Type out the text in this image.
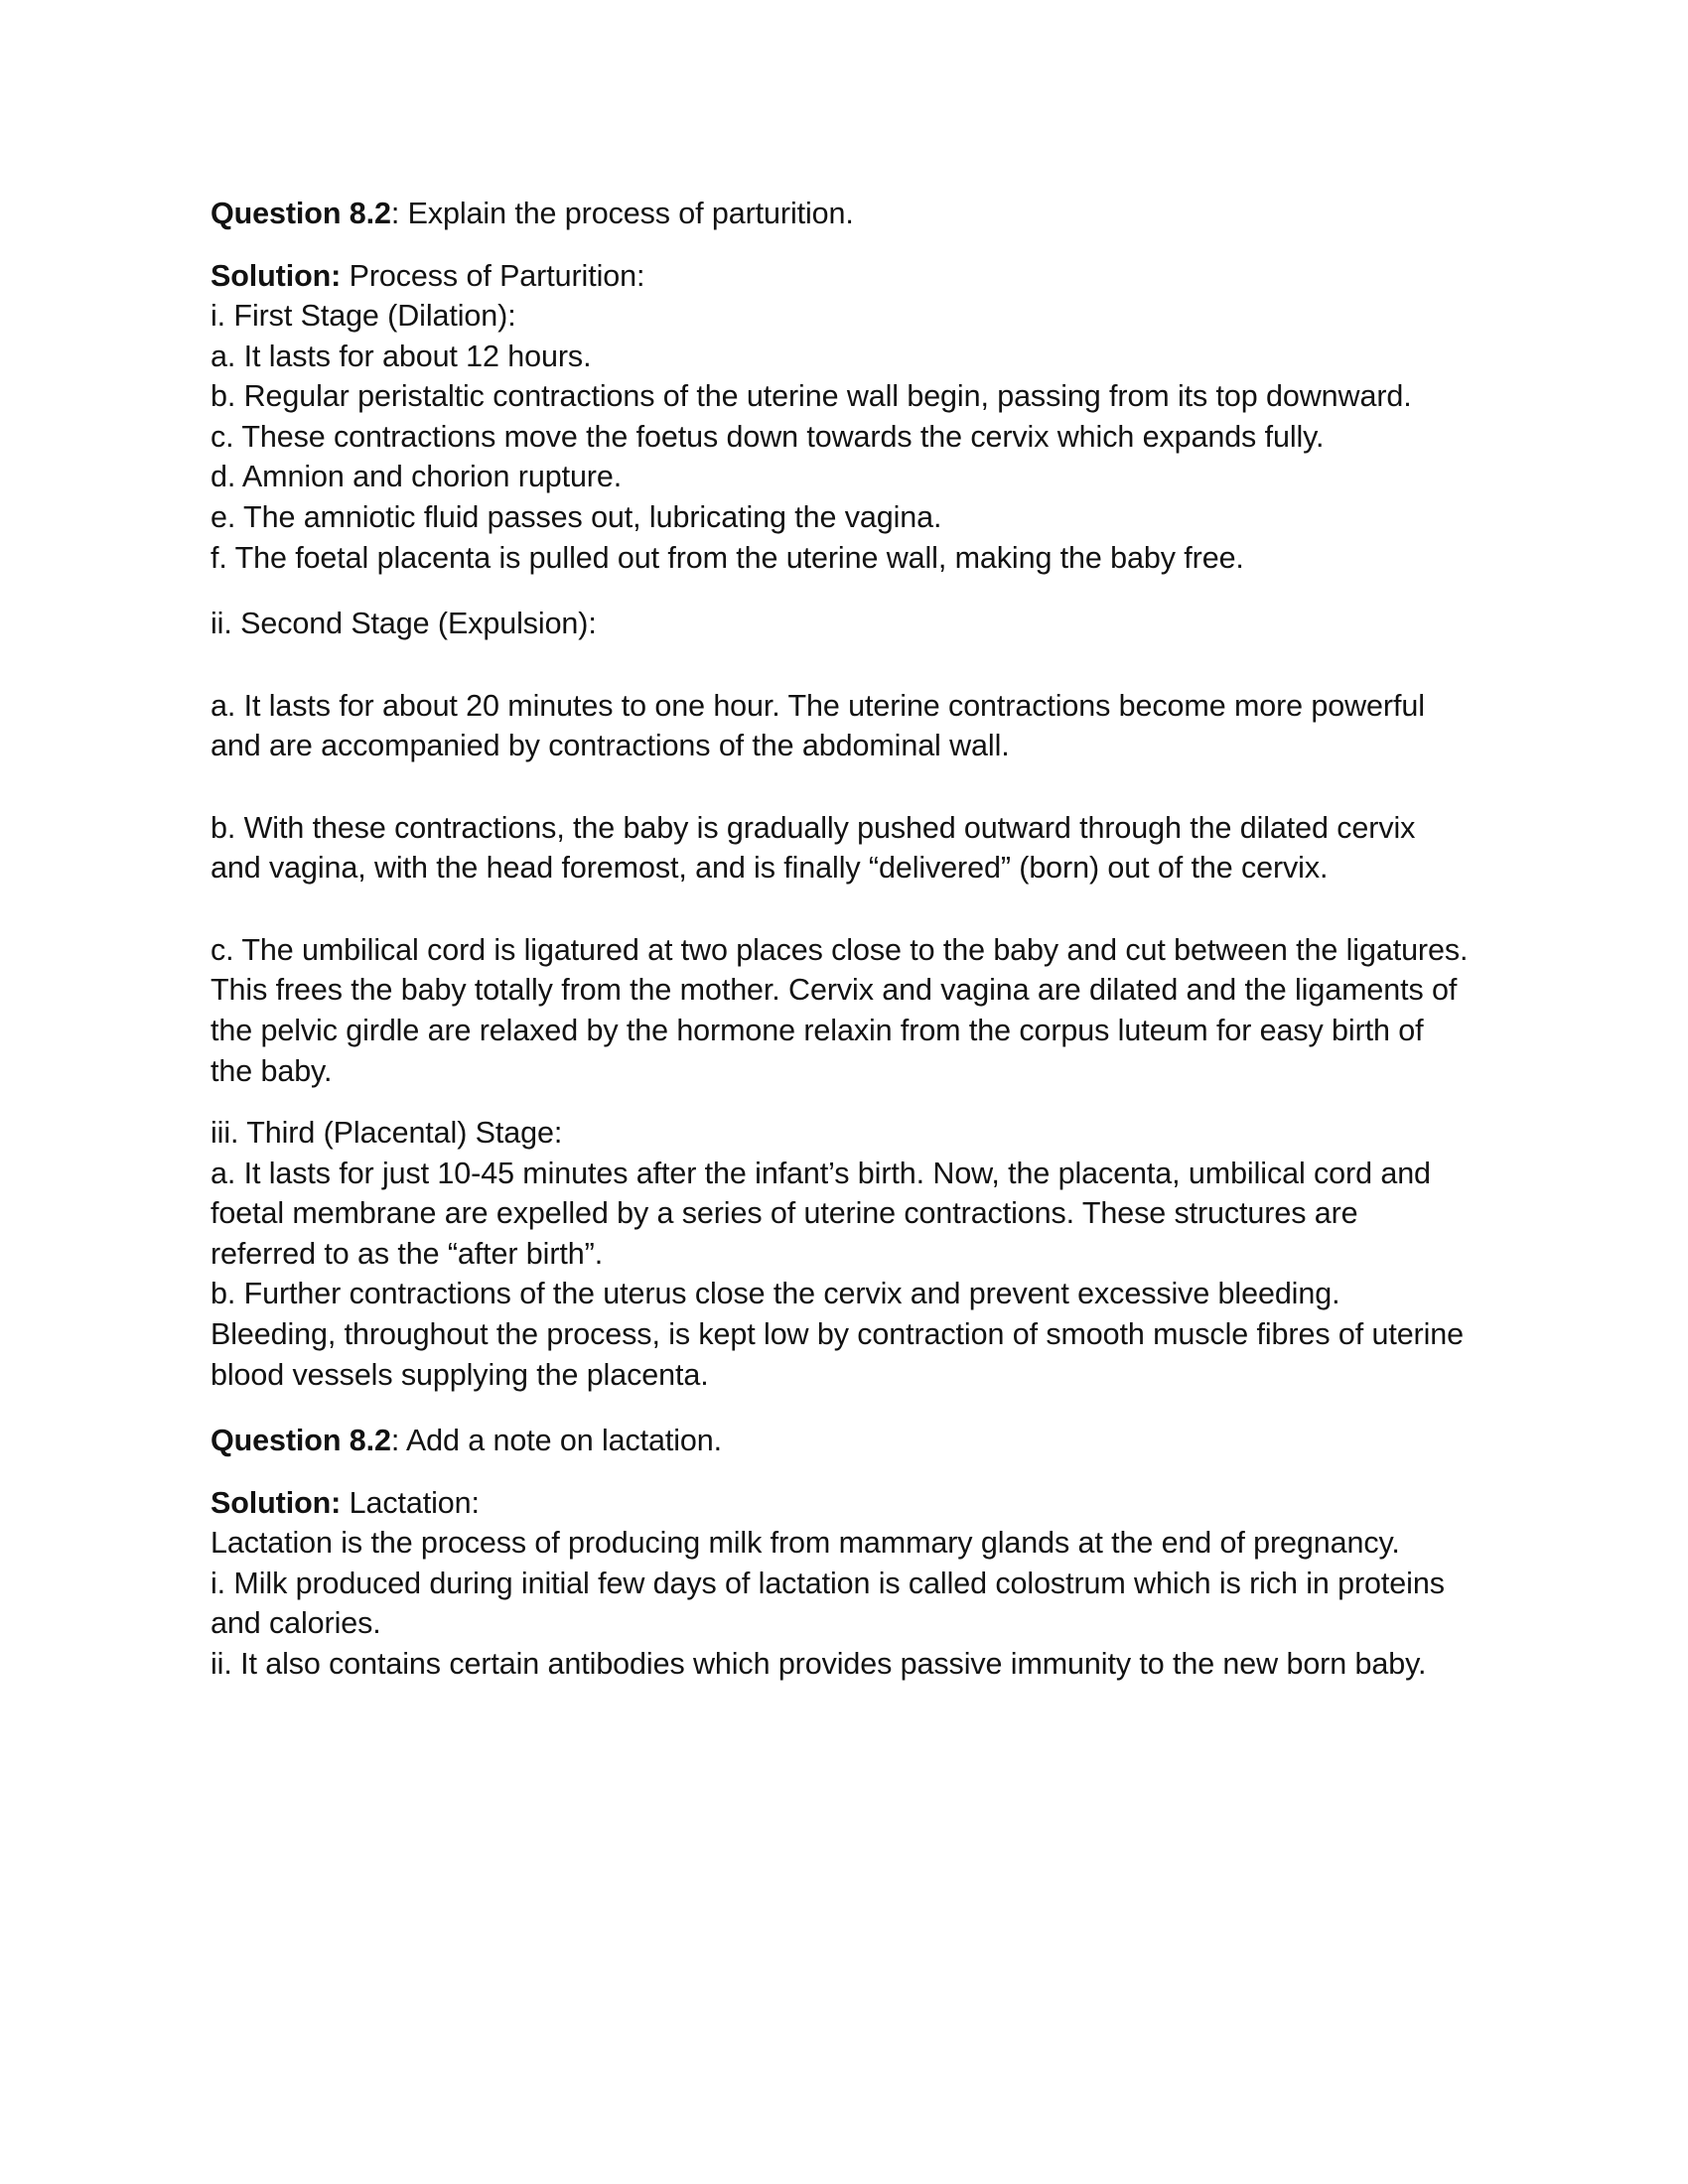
Question 8.2: Explain the process of parturition.
Solution: Process of Parturition:
i. First Stage (Dilation):
a. It lasts for about 12 hours.
b. Regular peristaltic contractions of the uterine wall begin, passing from its top downward.
c. These contractions move the foetus down towards the cervix which expands fully.
d. Amnion and chorion rupture.
e. The amniotic fluid passes out, lubricating the vagina.
f. The foetal placenta is pulled out from the uterine wall, making the baby free.
ii. Second Stage (Expulsion):
a. It lasts for about 20 minutes to one hour. The uterine contractions become more powerful and are accompanied by contractions of the abdominal wall.
b. With these contractions, the baby is gradually pushed outward through the dilated cervix and vagina, with the head foremost, and is finally “delivered” (born) out of the cervix.
c. The umbilical cord is ligatured at two places close to the baby and cut between the ligatures. This frees the baby totally from the mother. Cervix and vagina are dilated and the ligaments of the pelvic girdle are relaxed by the hormone relaxin from the corpus luteum for easy birth of the baby.
iii. Third (Placental) Stage:
a. It lasts for just 10-45 minutes after the infant’s birth. Now, the placenta, umbilical cord and foetal membrane are expelled by a series of uterine contractions. These structures are referred to as the “after birth”.
b. Further contractions of the uterus close the cervix and prevent excessive bleeding. Bleeding, throughout the process, is kept low by contraction of smooth muscle fibres of uterine blood vessels supplying the placenta.
Question 8.2: Add a note on lactation.
Solution: Lactation:
Lactation is the process of producing milk from mammary glands at the end of pregnancy.
i. Milk produced during initial few days of lactation is called colostrum which is rich in proteins and calories.
ii. It also contains certain antibodies which provides passive immunity to the new born baby.
